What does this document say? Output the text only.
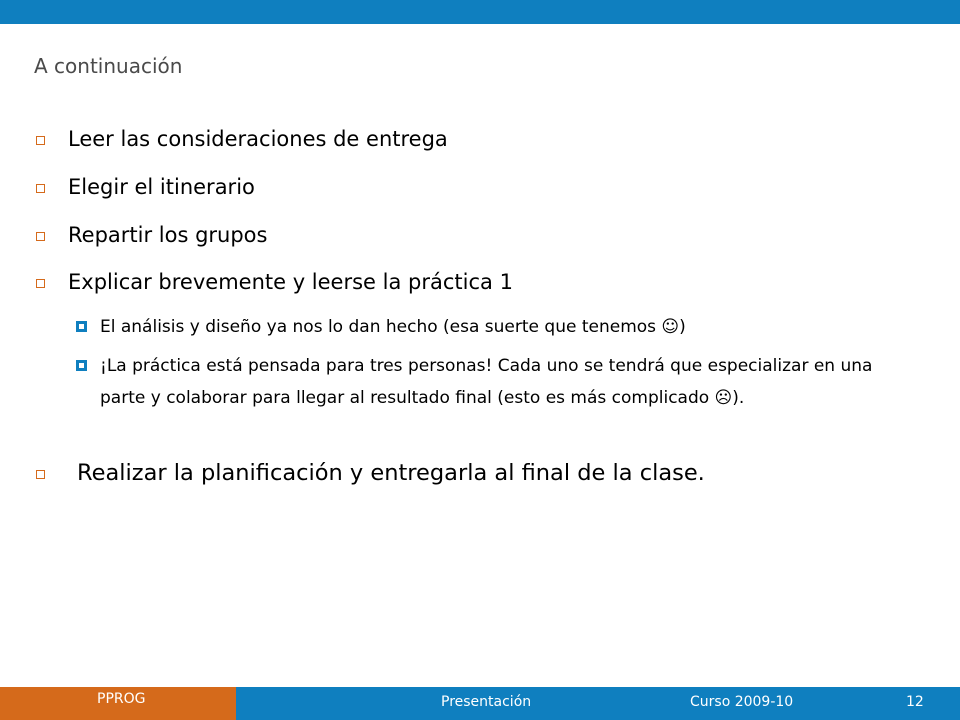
A continuación
Leer las consideraciones de entrega
Elegir el itinerario
Repartir los grupos
Explicar brevemente y leerse la práctica 1
El análisis y diseño ya nos lo dan hecho (esa suerte que tenemos ☺)
¡La práctica está pensada para tres personas! Cada uno se tendrá que especializar en una parte y colaborar para llegar al resultado final (esto es más complicado ☹).
Realizar la planificación y entregarla al final de la clase.
PPROG	Presentación	Curso 2009-10	12
